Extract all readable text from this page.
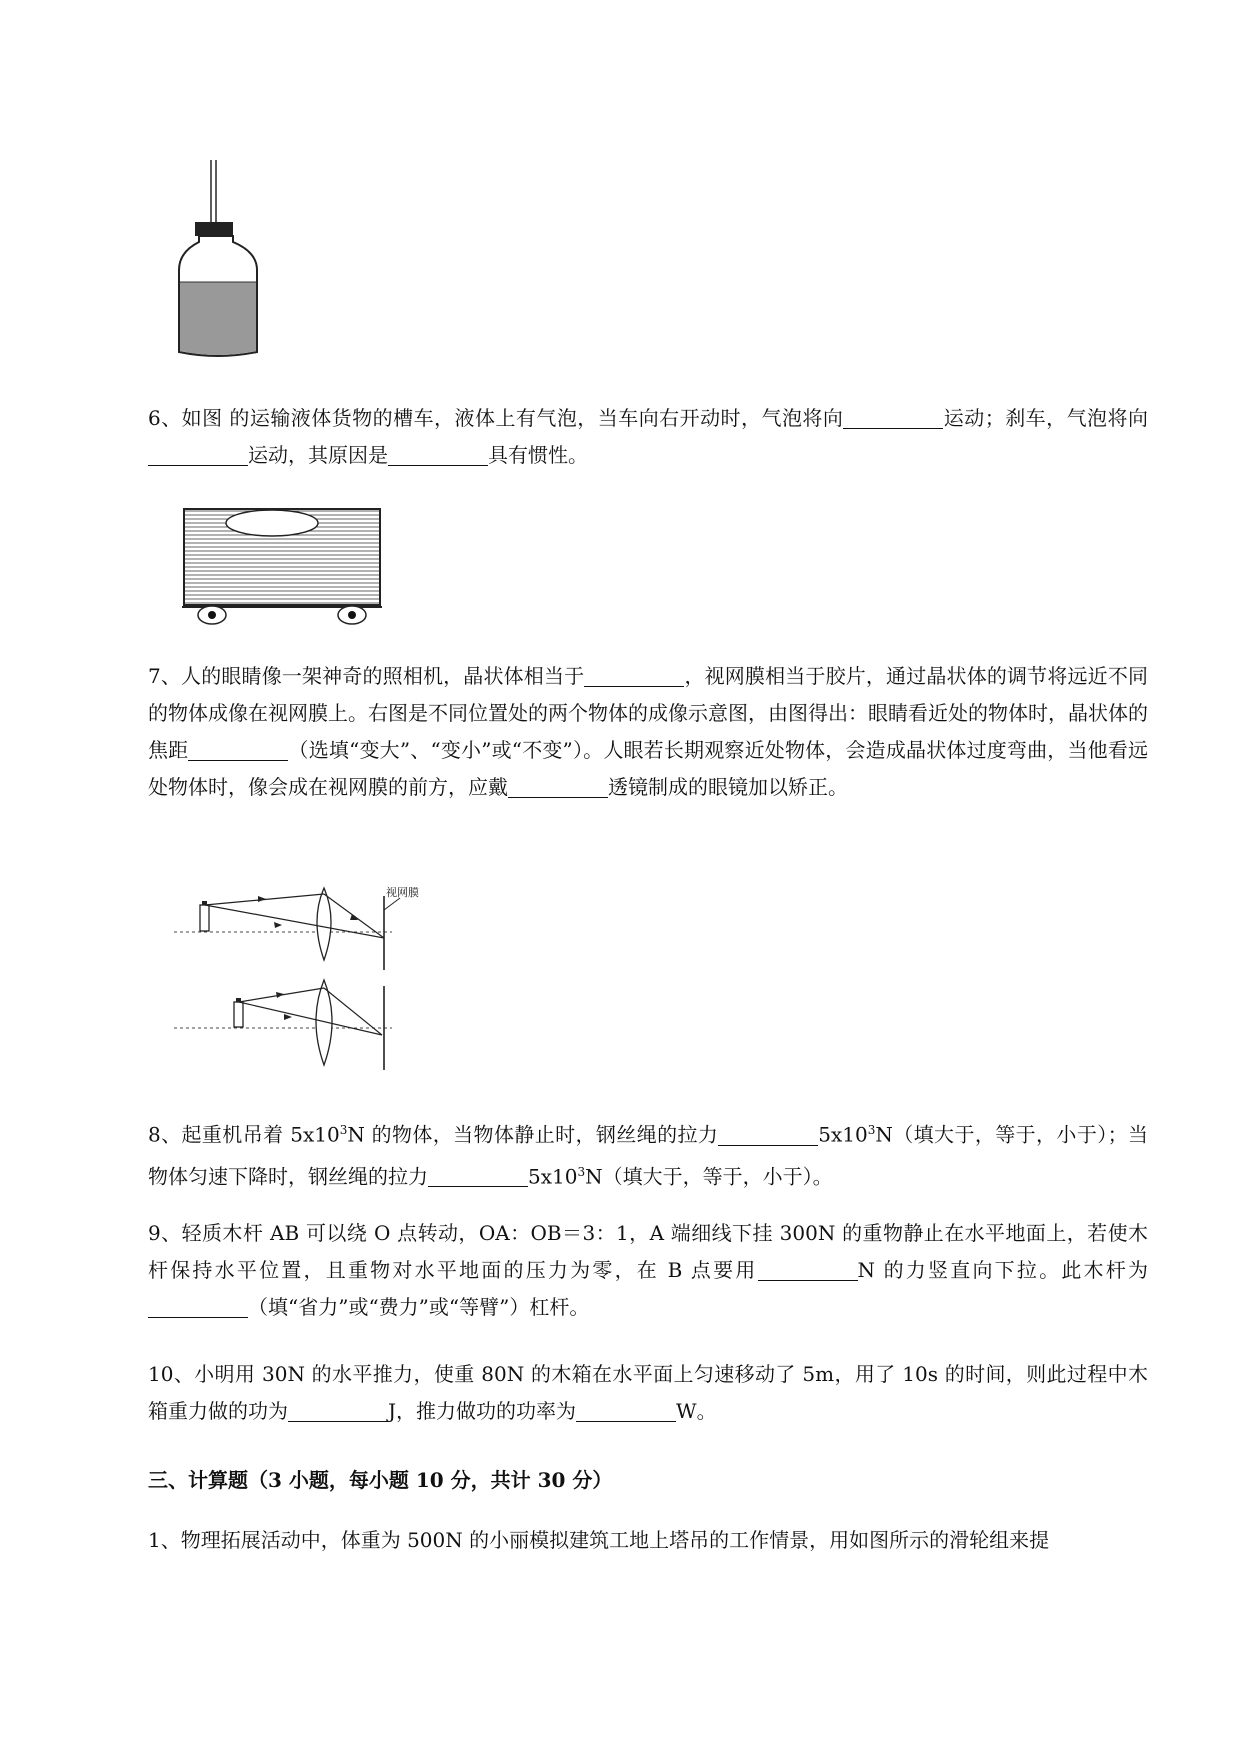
6、如图 的运输液体货物的槽车，液体上有气泡，当车向右开动时，气泡将向	运动；刹车，气泡将向运动，其原因是	具有惯性。

7、人的眼睛像一架神奇的照相机，晶状体相当于	，视网膜相当于胶片，通过晶状体的调节将远近不同的物体成像在视网膜上。右图是不同位置处的两个物体的成像示意图，由图得出：眼睛看近处的物体时，晶状体的焦距	（选填“变大”、“变小”或“不变”）。人眼若长期观察近处物体，会造成晶状体过度弯曲，当他看远处物体时，像会成在视网膜的前方，应戴	透镜制成的眼镜加以矫正。

视网膜

8、起重机吊着 $5x10^3N$ 的物体，当物体静止时，钢丝绳的拉力	$5x10^3N$（填大于，等于，小于）；当物体匀速下降时，钢丝绳的拉力	$5x10^3N$（填大于，等于，小于）。

9、轻质木杆 AB 可以绕 O 点转动，OA：OB＝3：1，A 端细线下挂 300N 的重物静止在水平地面上，若使木杆保持水平位置，且重物对水平地面的压力为零，在 B 点要用	N 的力竖直向下拉。此木杆为（填“省力”或“费力”或“等臂”）杠杆。

10、小明用 30N 的水平推力，使重 80N 的木箱在水平面上匀速移动了 5m，用了 10s 的时间，则此过程中木箱重力做的功为	J，推力做功的功率为	W。

三、计算题（3 小题，每小题 10 分，共计 30 分）

1、物理拓展活动中，体重为 500N 的小丽模拟建筑工地上塔吊的工作情景，用如图所示的滑轮组来提
